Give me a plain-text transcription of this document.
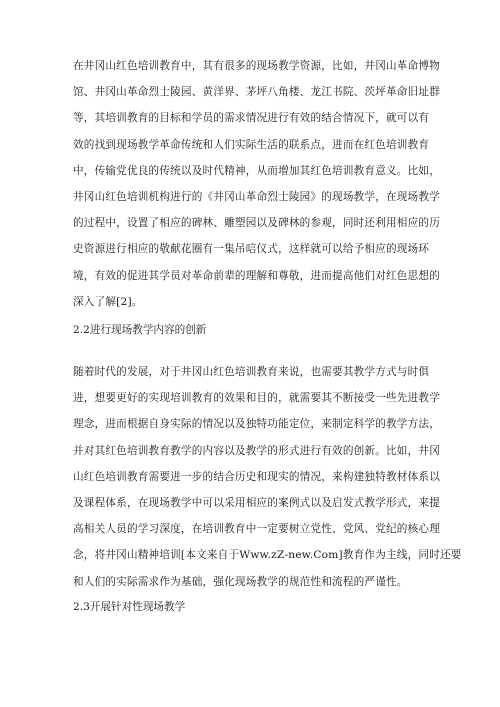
在井冈山红色培训教育中，其有很多的现场教学资源，比如，井冈山革命博物
馆、井冈山革命烈士陵园、黄洋界、茅坪八角楼、龙江书院、茨坪革命旧址群
等，其培训教育的目标和学员的需求情况进行有效的结合情况下，就可以有
效的找到现场教学革命传统和人们实际生活的联系点，进而在红色培训教育
中，传输党优良的传统以及时代精神，从而增加其红色培训教育意义。比如，
井冈山红色培训机构进行的《井冈山革命烈士陵园》的现场教学，在现场教学
的过程中，设置了相应的碑林、雕塑园以及碑林的参观，同时还利用相应的历
史资源进行相应的敬献花圈有一集吊唁仪式，这样就可以给予相应的现场环
境，有效的促进其学员对革命前辈的理解和尊敬，进而提高他们对红色思想的
深入了解[2]。
2.2进行现场教学内容的创新
随着时代的发展，对于井冈山红色培训教育来说，也需要其教学方式与时俱
进，想要更好的实现培训教育的效果和目的，就需要其不断接受一些先进教学
理念，进而根据自身实际的情况以及独特功能定位，来制定科学的教学方法，
并对其红色培训教育教学的内容以及教学的形式进行有效的创新。比如，井冈
山红色培训教育需要进一步的结合历史和现实的情况，来构建独特教材体系以
及课程体系，在现场教学中可以采用相应的案例式以及启发式教学形式，来提
高相关人员的学习深度，在培训教育中一定要树立党性、党风、党纪的核心理
念，将井冈山精神培训[本文来自于Www.zZ-new.Com]教育作为主线，同时还要
和人们的实际需求作为基础，强化现场教学的规范性和流程的严谨性。
2.3开展针对性现场教学
